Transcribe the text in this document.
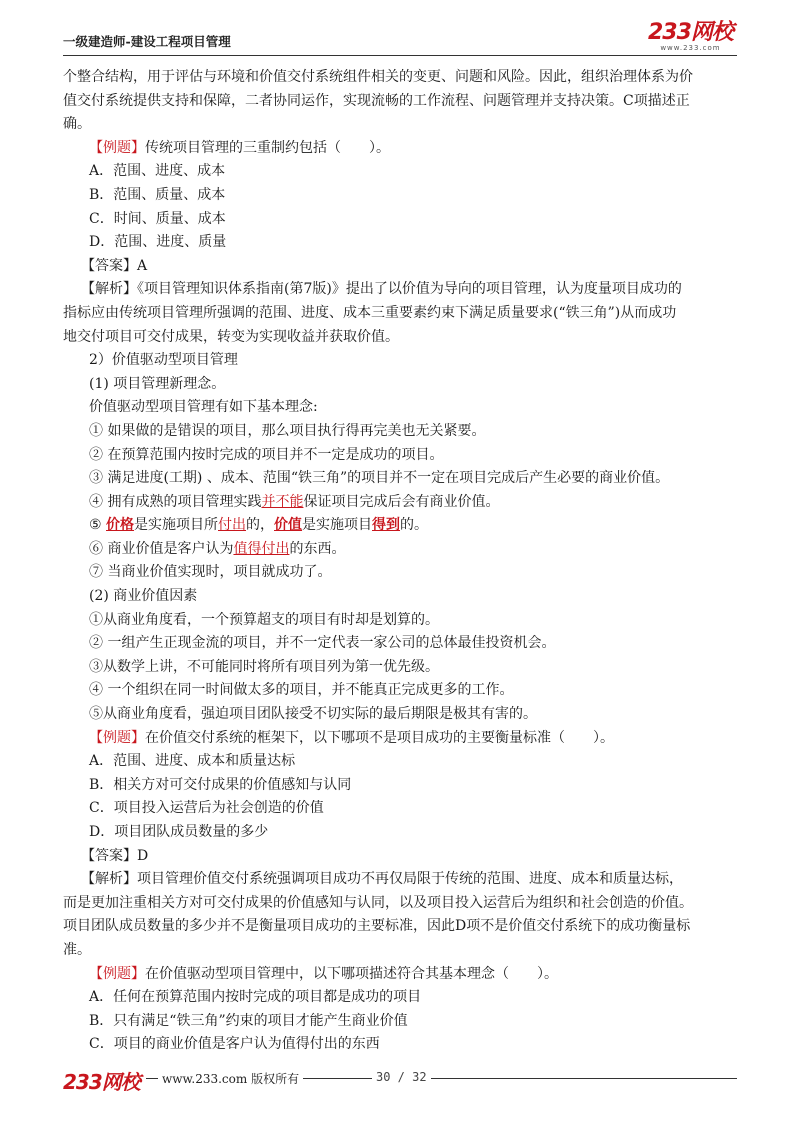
一级建造师-建设工程项目管理	233网校
www.233.com
个整合结构，用于评估与环境和价值交付系统组件相关的变更、问题和风险。因此，组织治理体系为价
值交付系统提供支持和保障，二者协同运作，实现流畅的工作流程、问题管理并支持决策。C项描述正
确。
【例题】传统项目管理的三重制约包括（　　）。
A．范围、进度、成本
B．范围、质量、成本
C．时间、质量、成本
D．范围、进度、质量
【答案】A
【解析】《项目管理知识体系指南(第7版)》提出了以价值为导向的项目管理，认为度量项目成功的
指标应由传统项目管理所强调的范围、进度、成本三重要素约束下满足质量要求(“铁三角”)从而成功
地交付项目可交付成果，转变为实现收益并获取价值。
2）价值驱动型项目管理
(1) 项目管理新理念。
价值驱动型项目管理有如下基本理念:
① 如果做的是错误的项目，那么项目执行得再完美也无关紧要。
② 在预算范围内按时完成的项目并不一定是成功的项目。
③ 满足进度(工期) 、成本、范围“铁三角”的项目并不一定在项目完成后产生必要的商业价值。
④ 拥有成熟的项目管理实践并不能保证项目完成后会有商业价值。
⑤ 价格是实施项目所付出的，价值是实施项目得到的。
⑥ 商业价值是客户认为值得付出的东西。
⑦ 当商业价值实现时，项目就成功了。
(2) 商业价值因素
①从商业角度看，一个预算超支的项目有时却是划算的。
② 一组产生正现金流的项目，并不一定代表一家公司的总体最佳投资机会。
③从数学上讲，不可能同时将所有项目列为第一优先级。
④ 一个组织在同一时间做太多的项目，并不能真正完成更多的工作。
⑤从商业角度看，强迫项目团队接受不切实际的最后期限是极其有害的。
【例题】在价值交付系统的框架下，以下哪项不是项目成功的主要衡量标准（　　）。
A．范围、进度、成本和质量达标
B．相关方对可交付成果的价值感知与认同
C．项目投入运营后为社会创造的价值
D．项目团队成员数量的多少
【答案】D
【解析】项目管理价值交付系统强调项目成功不再仅局限于传统的范围、进度、成本和质量达标，
而是更加注重相关方对可交付成果的价值感知与认同，以及项目投入运营后为组织和社会创造的价值。
项目团队成员数量的多少并不是衡量项目成功的主要标准，因此D项不是价值交付系统下的成功衡量标
准。
【例题】在价值驱动型项目管理中，以下哪项描述符合其基本理念（　　）。
A．任何在预算范围内按时完成的项目都是成功的项目
B．只有满足“铁三角”约束的项目才能产生商业价值
C．项目的商业价值是客户认为值得付出的东西
233网校	www.233.com 版权所有	30 / 32
